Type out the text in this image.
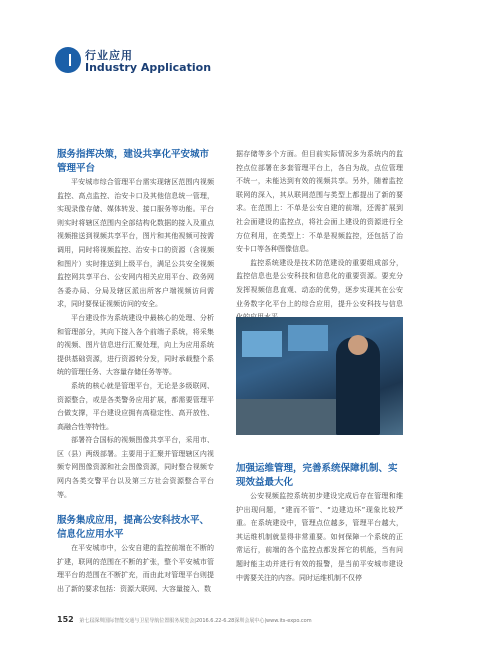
行业应用
Industry Application
服务指挥决策，建设共享化平安城市管理平台

平安城市综合管理平台需实现辖区范围内视频监控、高点监控、治安卡口及其他信息统一管理，实现录像存储、媒体转发、接口服务等功能。平台则实时将辖区范围内全部结构化数据的接入及重点视频推送到视频共享平台，图片和其他视频可按需调用，同时将视频监控、治安卡口的资源（含视频和图片）实时推送到上级平台，满足公共安全视频监控网共享平台、公安网内相关应用平台、政务网各委办局、分局及辖区派出所客户端视频访问需求，同时要保证视频访问的安全。

平台建设作为系统建设中最核心的处理、分析和管理部分，其向下接入各个前端子系统，将采集的视频、图片信息进行汇聚处理，向上为应用系统提供基础资源，进行资源转分发，同时承载整个系统的管理任务、大容量存储任务等等。

系统的核心就是管理平台，无论是多级联网、资源整合，或是各类警务应用扩展，都需要管理平台做支撑，平台建设应拥有高稳定性、高开放性、高融合性等特性。

部署符合国标的视频图像共享平台，采用市、区（县）两级部署。主要用于汇聚并管理辖区内视频专网图像资源和社会图像资源，同时整合视频专网内各类交警平台以及第三方社会资源整合平台等。

服务集成应用，提高公安科技水平、信息化应用水平

在平安城市中，公安自建的监控前端在不断的扩建，联网的范围在不断的扩张，整个平安城市管理平台的范围在不断扩充，而由此对管理平台则提出了新的要求包括：资源大联网、大容量接入、数

据存储等多个方面。但目前实际情况多为系统内的监控点位部署在多套管理平台上，各自为战，点位管理不统一，未能达到有效的视频共享。另外，随着监控联网的深入，其从联网范围与类型上都提出了新的要求。在范围上：不单是公安自建的前端，还需扩展到社会面建设的监控点，将社会面上建设的资源进行全方位利用，在类型上：不单是视频监控，还包括了治安卡口等各种图像信息。

监控系统建设是技术防范建设的重要组成部分，监控信息也是公安科技和信息化的重要资源。要充分发挥视频信息直观、动态的优势，逐步实现其在公安业务数字化平台上的综合应用，提升公安科技与信息

加强运维管理，完善系统保障机制、实现效益最大化

公安视频监控系统初步建设完成后存在管理和维护出现问题，“建而不管”、“边建边坏”现象比较严重。在系统建设中，管理点位越多，管理平台越大，其运维机制就显得非常重要。如何保障一个系统的正常运行，前端的各个监控点都发挥它的机能，当有问题时能主动并进行有效的报警，是当前平安城市建设中需要关注的内容。同时运维机制不仅停

152 第七届深圳国际智能交通与卫星导航位置服务展览会|2016.6.22-6.28深圳会展中心|www.its-expo.com
